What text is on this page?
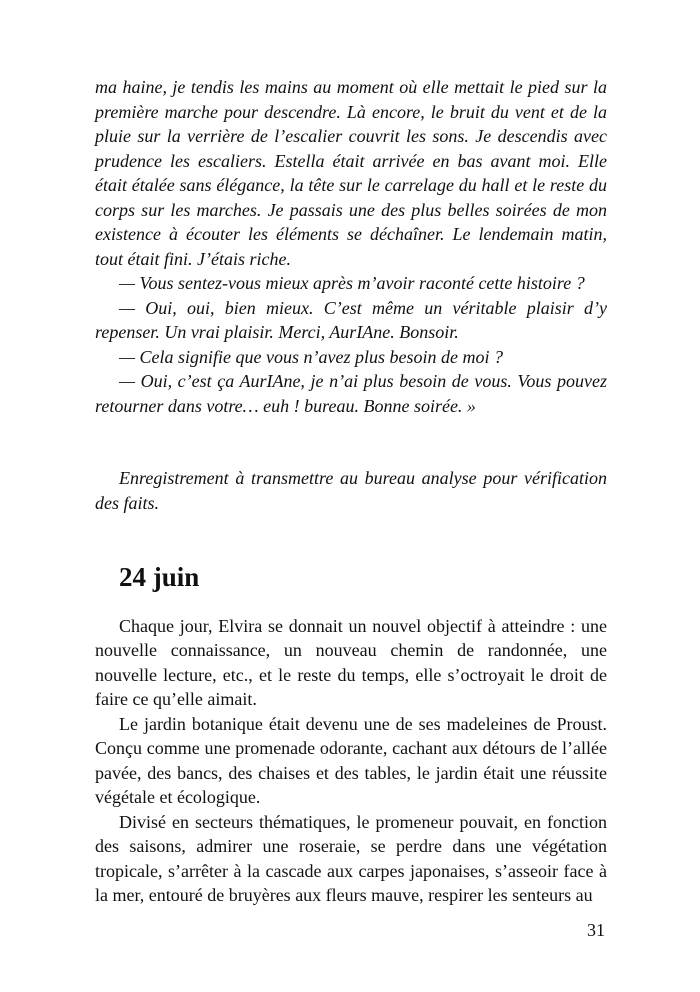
ma haine, je tendis les mains au moment où elle mettait le pied sur la première marche pour descendre. Là encore, le bruit du vent et de la pluie sur la verrière de l’escalier couvrit les sons. Je descendis avec prudence les escaliers. Estella était arrivée en bas avant moi. Elle était étalée sans élégance, la tête sur le carrelage du hall et le reste du corps sur les marches. Je passais une des plus belles soirées de mon existence à écouter les éléments se déchaîner. Le lendemain matin, tout était fini. J’étais riche.

— Vous sentez-vous mieux après m’avoir raconté cette histoire ?

— Oui, oui, bien mieux. C’est même un véritable plaisir d’y repenser. Un vrai plaisir. Merci, AurIAne. Bonsoir.

— Cela signifie que vous n’avez plus besoin de moi ?

— Oui, c’est ça AurIAne, je n’ai plus besoin de vous. Vous pouvez retourner dans votre… euh ! bureau. Bonne soirée. »

Enregistrement à transmettre au bureau analyse pour vérification des faits.

24 juin

Chaque jour, Elvira se donnait un nouvel objectif à atteindre : une nouvelle connaissance, un nouveau chemin de randonnée, une nouvelle lecture, etc., et le reste du temps, elle s’octroyait le droit de faire ce qu’elle aimait.

Le jardin botanique était devenu une de ses madeleines de Proust. Conçu comme une promenade odorante, cachant aux détours de l’allée pavée, des bancs, des chaises et des tables, le jardin était une réussite végétale et écologique.

Divisé en secteurs thématiques, le promeneur pouvait, en fonction des saisons, admirer une roseraie, se perdre dans une végétation tropicale, s’arrêter à la cascade aux carpes japonaises, s’asseoir face à la mer, entouré de bruyères aux fleurs mauve, respirer les senteurs au

31
